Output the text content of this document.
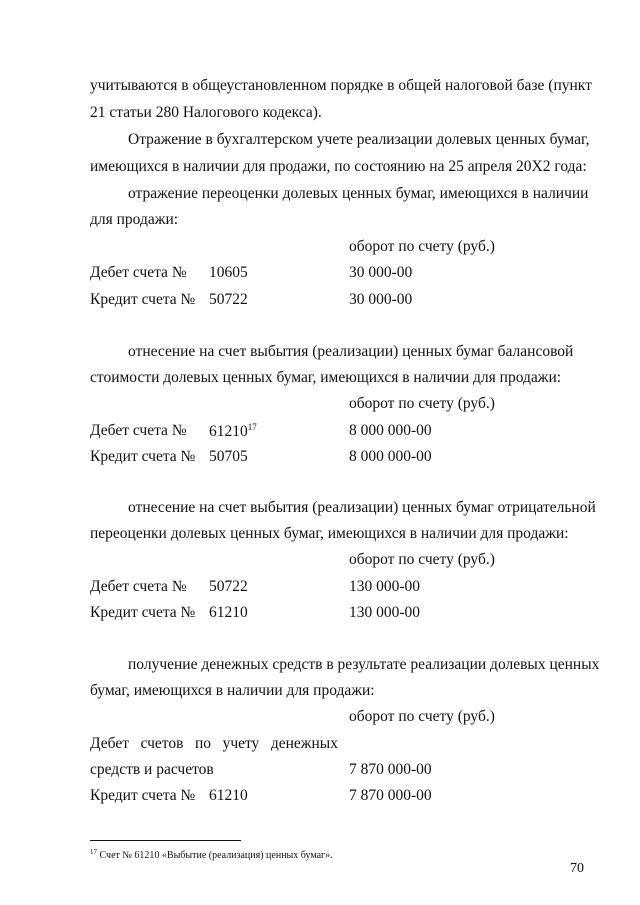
учитываются в общеустановленном порядке в общей налоговой базе (пункт
21 статьи 280 Налогового кодекса).
Отражение в бухгалтерском учете реализации долевых ценных бумаг,
имеющихся в наличии для продажи, по состоянию на 25 апреля 20X2 года:
отражение переоценки долевых ценных бумаг, имеющихся в наличии
для продажи:
оборот по счету (руб.)
Дебет счета № 10605	30 000-00
Кредит счета № 50722	30 000-00
отнесение на счет выбытия (реализации) ценных бумаг балансовой
стоимости долевых ценных бумаг, имеющихся в наличии для продажи:
оборот по счету (руб.)
Дебет счета № 61210$^{17}$	8 000 000-00
Кредит счета № 50705	8 000 000-00
отнесение на счет выбытия (реализации) ценных бумаг отрицательной
переоценки долевых ценных бумаг, имеющихся в наличии для продажи:
оборот по счету (руб.)
Дебет счета № 50722	130 000-00
Кредит счета № 61210	130 000-00
получение денежных средств в результате реализации долевых ценных
бумаг, имеющихся в наличии для продажи:
оборот по счету (руб.)
Дебет счетов по учету денежных
средств и расчетов	7 870 000-00
Кредит счета № 61210	7 870 000-00
$^{17}$ Счет № 61210 «Выбытие (реализация) ценных бумаг».
70
